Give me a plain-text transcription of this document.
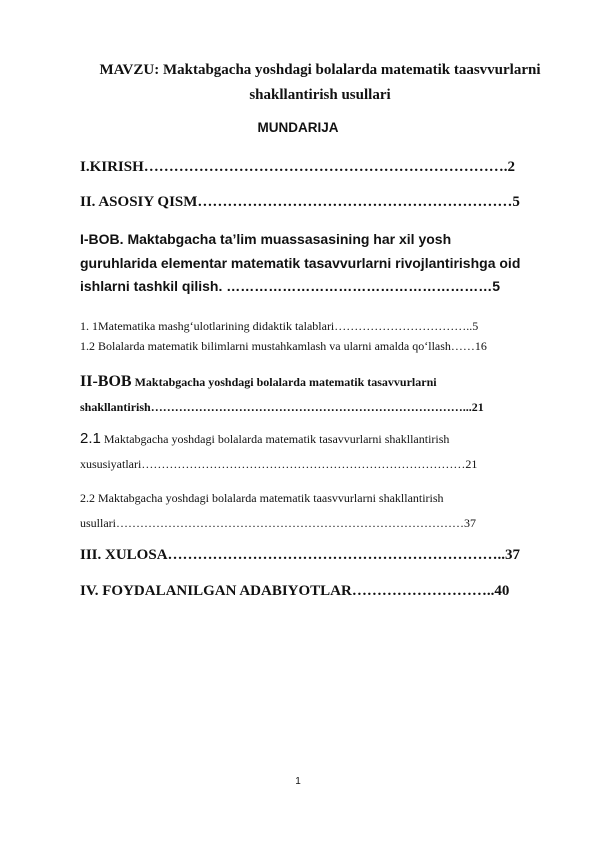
MAVZU: Maktabgacha yoshdagi bolalarda matematik taasvvurlarni
shakllantirish usullari
MUNDARIJA
I.KIRISH……………………………………………………………….2
II. ASOSIY QISM………………………………………………………5
I-BOB. Maktabgacha ta’lim muassasasining har xil yosh
guruhlarida elementar matematik tasavvurlarni rivojlantirishga oid
ishlarni tashkil qilish. …………………………………………………5
1. 1Matematika mashg‘ulotlarining didaktik talablari……………………………..5
1.2 Bolalarda matematik bilimlarni mustahkamlash va ularni amalda qo‘llash……16
II-BOB Maktabgacha yoshdagi bolalarda matematik tasavvurlarni
shakllantirish……………………………………………………………………...21
2.1 Maktabgacha yoshdagi bolalarda matematik tasavvurlarni shakllantirish
xususiyatlari………………………………………………………………………21
2.2 Maktabgacha yoshdagi bolalarda matematik taasvvurlarni shakllantirish
usullari……………………………………………………………………………37
III. XULOSA…………………………………………………………..37
IV. FOYDALANILGAN ADABIYOTLAR………………………..40
1
